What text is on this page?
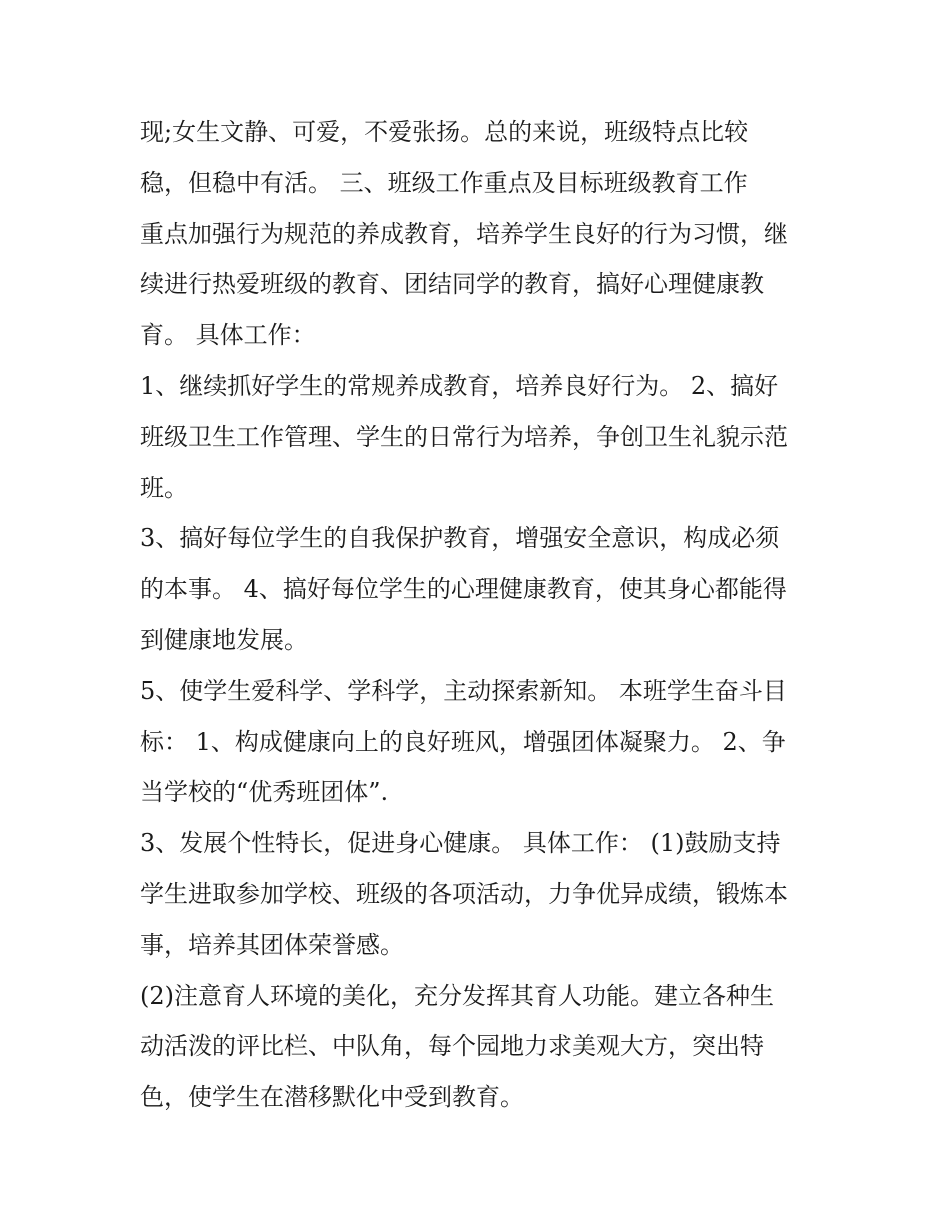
现;女生文静、可爱，不爱张扬。总的来说，班级特点比较
稳，但稳中有活。 三、班级工作重点及目标班级教育工作
重点加强行为规范的养成教育，培养学生良好的行为习惯，继
续进行热爱班级的教育、团结同学的教育，搞好心理健康教
育。 具体工作：
1、继续抓好学生的常规养成教育，培养良好行为。 2、搞好
班级卫生工作管理、学生的日常行为培养，争创卫生礼貌示范
班。
3、搞好每位学生的自我保护教育，增强安全意识，构成必须
的本事。 4、搞好每位学生的心理健康教育，使其身心都能得
到健康地发展。
5、使学生爱科学、学科学，主动探索新知。 本班学生奋斗目
标： 1、构成健康向上的良好班风，增强团体凝聚力。 2、争
当学校的“优秀班团体”.
3、发展个性特长，促进身心健康。 具体工作： (1)鼓励支持
学生进取参加学校、班级的各项活动，力争优异成绩，锻炼本
事，培养其团体荣誉感。
(2)注意育人环境的美化，充分发挥其育人功能。建立各种生
动活泼的评比栏、中队角，每个园地力求美观大方，突出特
色，使学生在潜移默化中受到教育。
